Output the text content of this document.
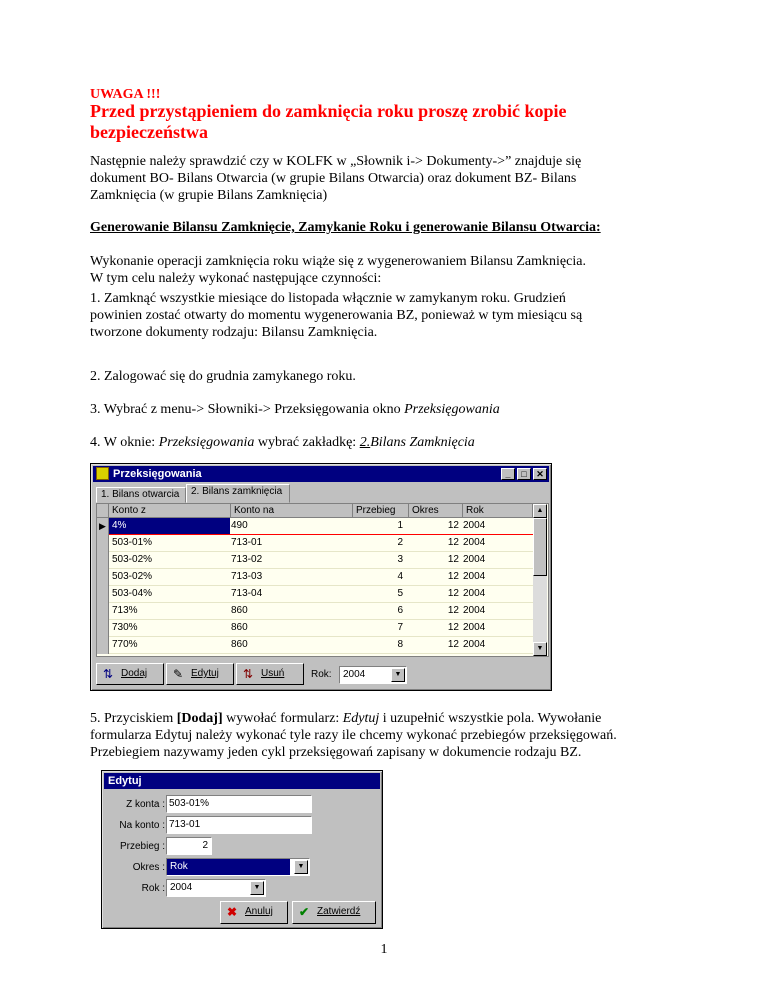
UWAGA !!!
Przed przystąpieniem do zamknięcia roku proszę zrobić kopie
bezpieczeństwa
Następnie należy sprawdzić czy w KOLFK w „Słownik i-> Dokumenty->” znajduje się
dokument BO- Bilans Otwarcia (w grupie Bilans Otwarcia) oraz dokument BZ- Bilans
Zamknięcia (w grupie Bilans Zamknięcia)
Generowanie Bilansu Zamknięcie, Zamykanie Roku i generowanie Bilansu Otwarcia:
Wykonanie operacji zamknięcia roku wiąże się z wygenerowaniem Bilansu Zamknięcia.
W tym celu należy wykonać następujące czynności:
1. Zamknąć wszystkie miesiące do listopada włącznie w zamykanym roku. Grudzień
powinien zostać otwarty do momentu wygenerowania BZ, ponieważ w tym miesiącu są
tworzone dokumenty rodzaju: Bilansu Zamknięcia.
2. Zalogować się do grudnia zamykanego roku.
3. Wybrać z menu-> Słowniki-> Przeksięgowania okno Przeksięgowania
4. W oknie: Przeksięgowania wybrać zakładkę: 2.Bilans Zamknięcia
Przeksięgowania	_	□	✕
1. Bilans otwarcia	2. Bilans zamknięcia
Konto z	Konto na	Przebieg	Okres	Rok
▶ 4%	490	1	12 2004
503-01%	713-01	2	12 2004
503-02%	713-02	3	12 2004
503-02%	713-03	4	12 2004
503-04%	713-04	5	12 2004
713%	860	6	12 2004
730%	860	7	12 2004
770%	860	8	12 2004
▲
▼
⇅ Dodaj ✎ Edytuj ⇅ Usuń	Rok:	2004	▼
5. Przyciskiem [Dodaj] wywołać formularz: Edytuj i uzupełnić wszystkie pola. Wywołanie
formularza Edytuj należy wykonać tyle razy ile chcemy wykonać przebiegów przeksięgowań.
Przebiegiem nazywamy jeden cykl przeksięgowań zapisany w dokumencie rodzaju BZ.
Edytuj
Z konta : 503-01%
Na konto : 713-01
Przebieg :	2
Okres : Rok	▼
Rok : 2004	▼
✖ Anuluj ✔ Zatwierdź
1
